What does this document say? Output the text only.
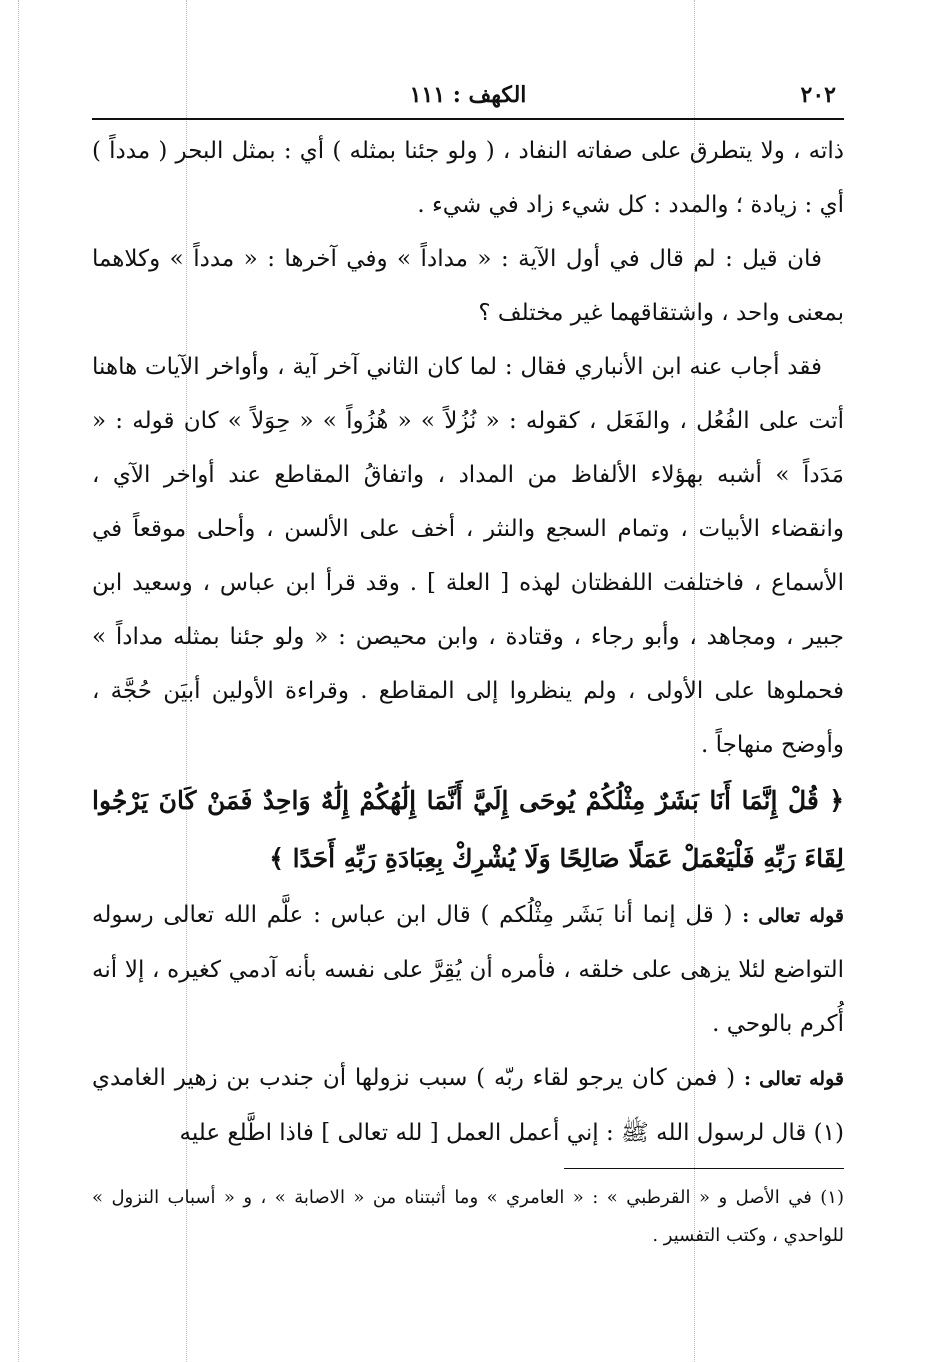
٢٠٢
الكهف : ١١١

ذاته ، ولا يتطرق على صفاته النفاد ، ( ولو جئنا بمثله ) أي : بمثل البحر ( مدداً ) أي : زيادة ؛ والمدد : كل شيء زاد في شيء .

فان قيل : لم قال في أول الآية : « مداداً » وفي آخرها : « مدداً » وكلاهما بمعنى واحد ، واشتقاقهما غير مختلف ؟

فقد أجاب عنه ابن الأنباري فقال : لما كان الثاني آخر آية ، وأواخر الآيات هاهنا أتت على الفُعُل ، والفَعَل ، كقوله : « نُزُلاً » « هُزُواً » « حِوَلاً » كان قوله : « مَدَداً » أشبه بهؤلاء الألفاظ من المداد ، واتفاقُ المقاطع عند أواخر الآي ، وانقضاء الأبيات ، وتمام السجع والنثر ، أخف على الألسن ، وأحلى موقعاً في الأسماع ، فاختلفت اللفظتان لهذه [ العلة ] . وقد قرأ ابن عباس ، وسعيد ابن جبير ، ومجاهد ، وأبو رجاء ، وقتادة ، وابن محيصن : « ولو جئنا بمثله مداداً » فحملوها على الأولى ، ولم ينظروا إلى المقاطع . وقراءة الأولين أبيَن حُجَّة ، وأوضح منهاجاً .

﴿ قُلْ إِنَّمَا أَنَا بَشَرٌ مِثْلُكُمْ يُوحَى إِلَيَّ أَنَّمَا إِلَٰهُكُمْ إِلَٰهٌ وَاحِدٌ فَمَنْ كَانَ يَرْجُوا لِقَاءَ رَبِّهِ فَلْيَعْمَلْ عَمَلًا صَالِحًا وَلَا يُشْرِكْ بِعِبَادَةِ رَبِّهِ أَحَدًا ﴾

قوله تعالى : ( قل إنما أنا بَشَر مِثْلُكم ) قال ابن عباس : علَّم الله تعالى رسوله التواضع لئلا يزهى على خلقه ، فأمره أن يُقِرَّ على نفسه بأنه آدمي كغيره ، إلا أنه أُكرم بالوحي .

قوله تعالى : ( فمن كان يرجو لقاء ربّه ) سبب نزولها أن جندب بن زهير الغامدي (١) قال لرسول الله ﷺ : إني أعمل العمل [ لله تعالى ] فاذا اطَّلع عليه

(١) في الأصل و « القرطبي » : « العامري » وما أثبتناه من « الاصابة » ، و « أسباب النزول » للواحدي ، وكتب التفسير .
